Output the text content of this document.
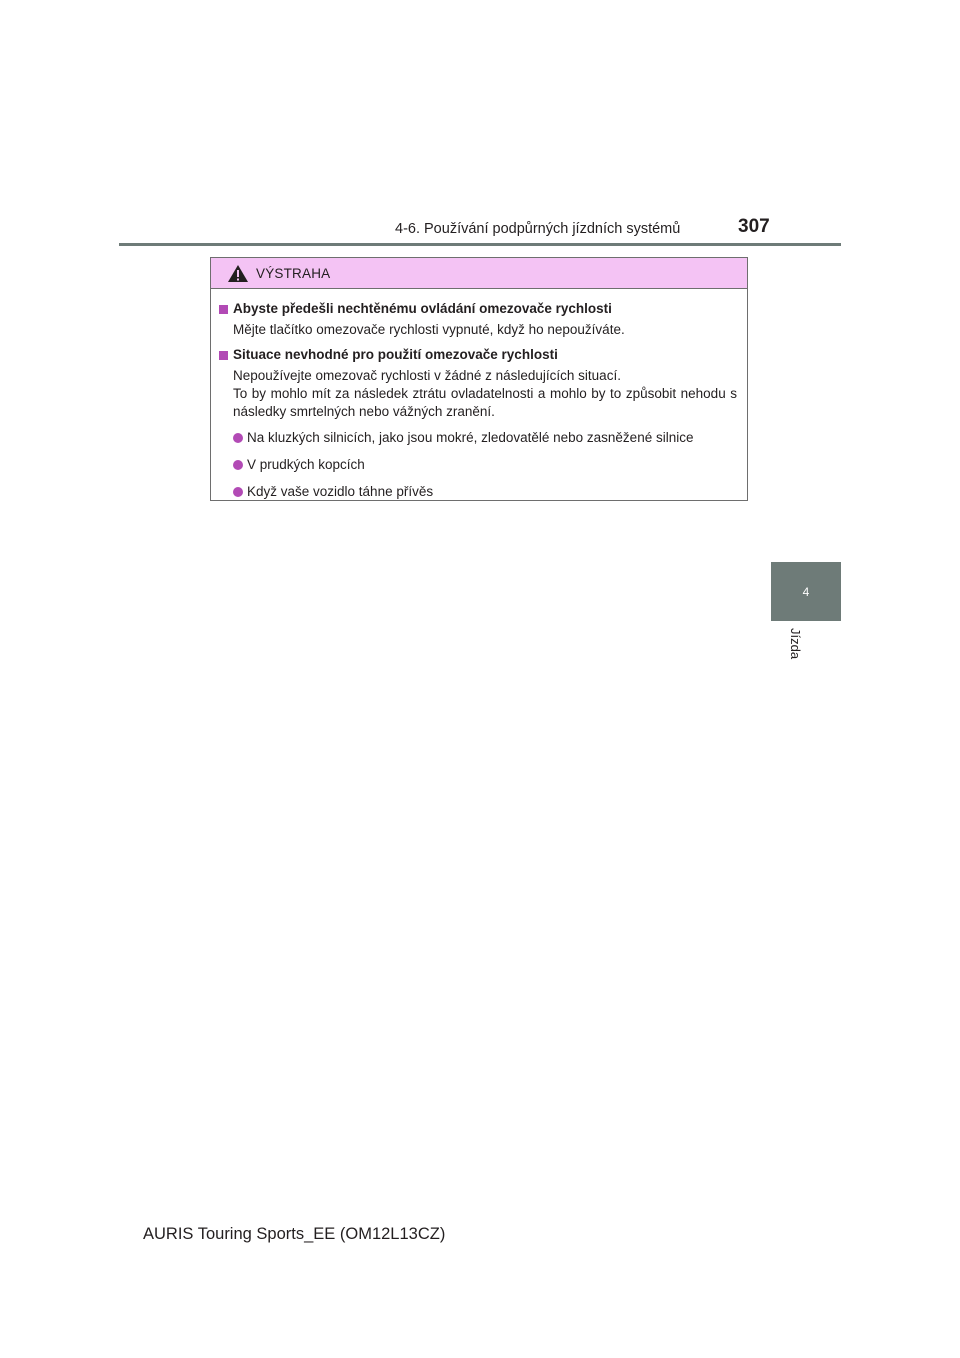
4-6. Používání podpůrných jízdních systémů	307
4
Jízda
VÝSTRAHA
Abyste předešli nechtěnému ovládání omezovače rychlosti
Mějte tlačítko omezovače rychlosti vypnuté, když ho nepoužíváte.
Situace nevhodné pro použití omezovače rychlosti
Nepoužívejte omezovač rychlosti v žádné z následujících situací.
To by mohlo mít za následek ztrátu ovladatelnosti a mohlo by to způsobit nehodu s následky smrtelných nebo vážných zranění.
Na kluzkých silnicích, jako jsou mokré, zledovatělé nebo zasněžené silnice
V prudkých kopcích
Když vaše vozidlo táhne přívěs
AURIS Touring Sports_EE (OM12L13CZ)
